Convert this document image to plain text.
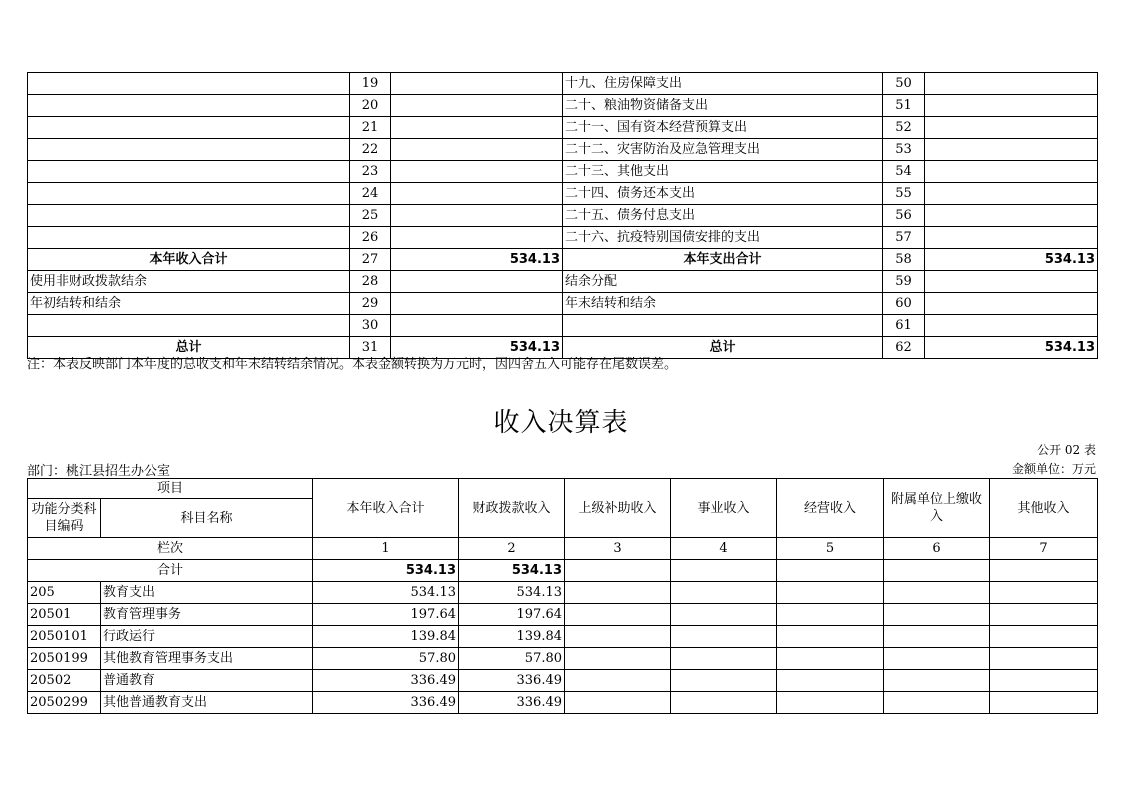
	19		十九、住房保障支出	50	
	20		二十、粮油物资储备支出	51	
	21		二十一、国有资本经营预算支出	52	
	22		二十二、灾害防治及应急管理支出	53	
	23		二十三、其他支出	54	
	24		二十四、债务还本支出	55	
	25		二十五、债务付息支出	56	
	26		二十六、抗疫特别国债安排的支出	57	
本年收入合计	27	534.13	本年支出合计	58	534.13
使用非财政拨款结余	28		结余分配	59	
年初结转和结余	29		年末结转和结余	60	
	30			61	
总计	31	534.13	总计	62	534.13
注：本表反映部门本年度的总收支和年末结转结余情况。本表金额转换为万元时，因四舍五入可能存在尾数误差。
收入决算表
公开 02 表
部门：桃江县招生办公室	金额单位：万元
项目		本年收入合计	财政拨款收入	上级补助收入	事业收入	经营收入	附属单位上缴收入	其他收入
功能分类科目编码	科目名称							
栏次		1	2	3	4	5	6	7
合计		534.13	534.13					
205	教育支出	534.13	534.13					
20501	教育管理事务	197.64	197.64					
2050101	行政运行	139.84	139.84					
2050199	其他教育管理事务支出	57.80	57.80					
20502	普通教育	336.49	336.49					
2050299	其他普通教育支出	336.49	336.49					
